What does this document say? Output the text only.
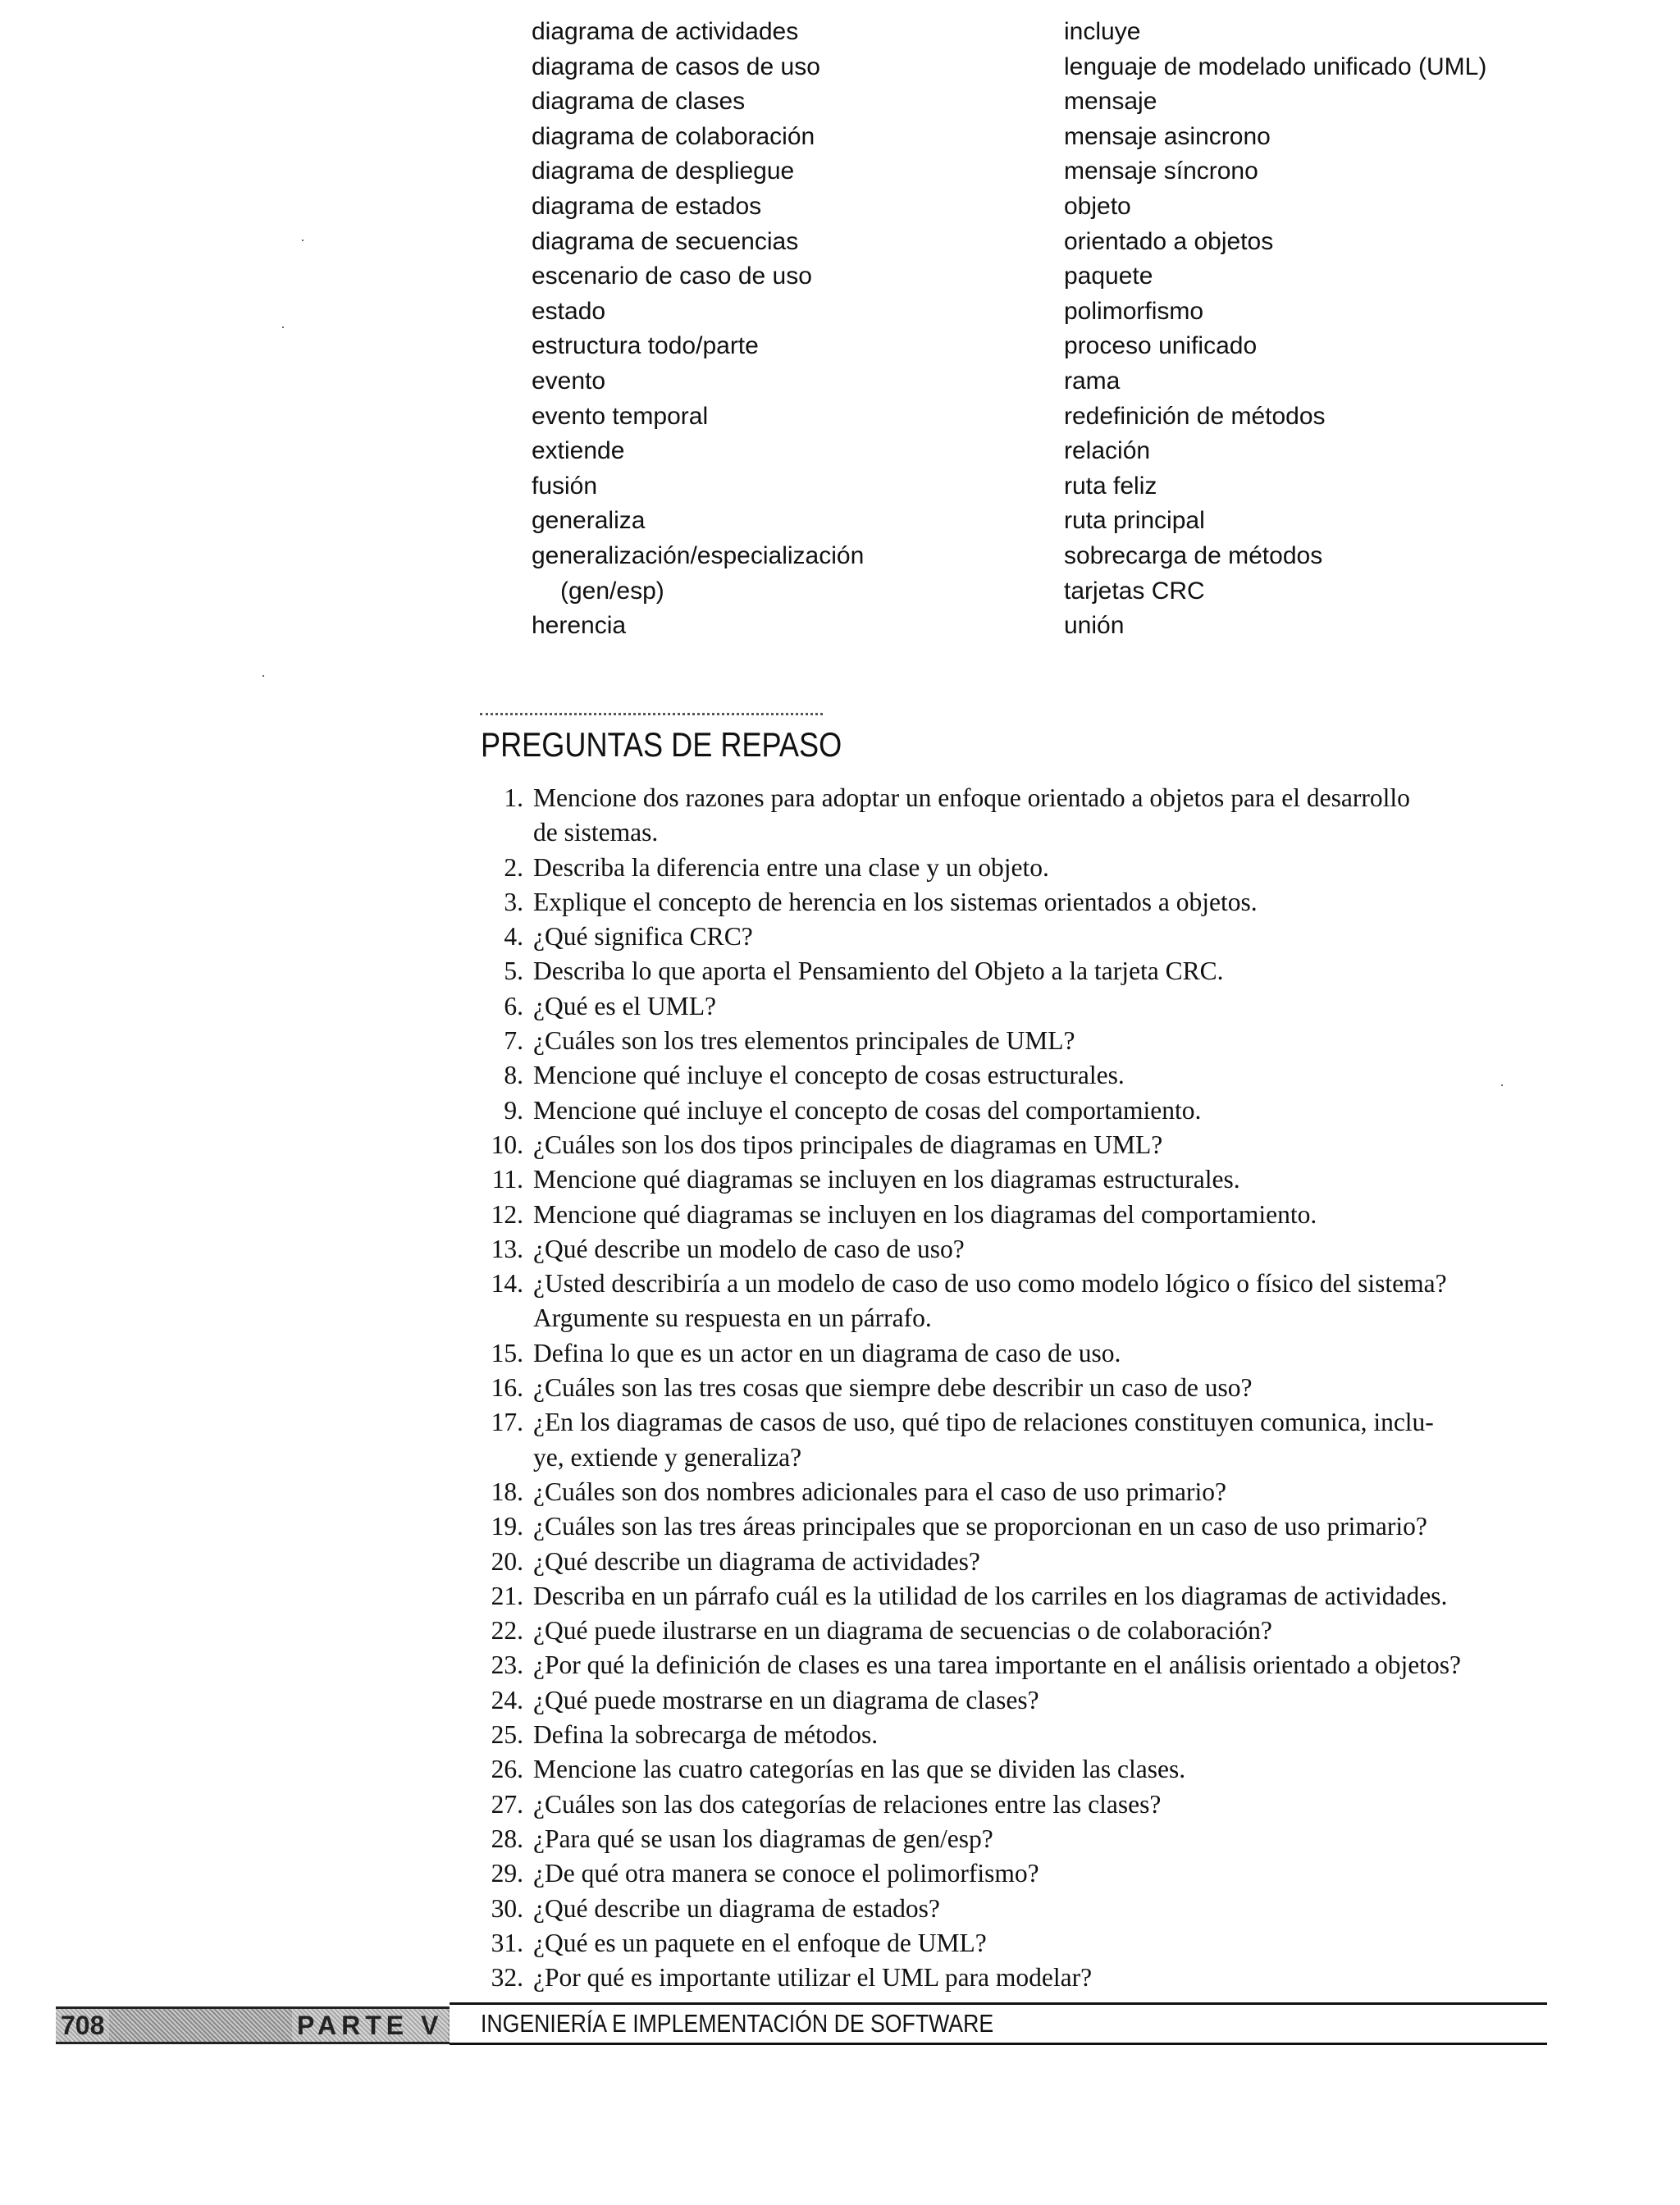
diagrama de actividades
diagrama de casos de uso
diagrama de clases
diagrama de colaboración
diagrama de despliegue
diagrama de estados
diagrama de secuencias
escenario de caso de uso
estado
estructura todo/parte
evento
evento temporal
extiende
fusión
generaliza
generalización/especialización
(gen/esp)
herencia
incluye
lenguaje de modelado unificado (UML)
mensaje
mensaje asincrono
mensaje síncrono
objeto
orientado a objetos
paquete
polimorfismo
proceso unificado
rama
redefinición de métodos
relación
ruta feliz
ruta principal
sobrecarga de métodos
tarjetas CRC
unión
PREGUNTAS DE REPASO
1. Mencione dos razones para adoptar un enfoque orientado a objetos para el desarrollo
de sistemas.
2. Describa la diferencia entre una clase y un objeto.
3. Explique el concepto de herencia en los sistemas orientados a objetos.
4. ¿Qué significa CRC?
5. Describa lo que aporta el Pensamiento del Objeto a la tarjeta CRC.
6. ¿Qué es el UML?
7. ¿Cuáles son los tres elementos principales de UML?
8. Mencione qué incluye el concepto de cosas estructurales.
9. Mencione qué incluye el concepto de cosas del comportamiento.
10. ¿Cuáles son los dos tipos principales de diagramas en UML?
11. Mencione qué diagramas se incluyen en los diagramas estructurales.
12. Mencione qué diagramas se incluyen en los diagramas del comportamiento.
13. ¿Qué describe un modelo de caso de uso?
14. ¿Usted describiría a un modelo de caso de uso como modelo lógico o físico del sistema?
Argumente su respuesta en un párrafo.
15. Defina lo que es un actor en un diagrama de caso de uso.
16. ¿Cuáles son las tres cosas que siempre debe describir un caso de uso?
17. ¿En los diagramas de casos de uso, qué tipo de relaciones constituyen comunica, inclu-
ye, extiende y generaliza?
18. ¿Cuáles son dos nombres adicionales para el caso de uso primario?
19. ¿Cuáles son las tres áreas principales que se proporcionan en un caso de uso primario?
20. ¿Qué describe un diagrama de actividades?
21. Describa en un párrafo cuál es la utilidad de los carriles en los diagramas de actividades.
22. ¿Qué puede ilustrarse en un diagrama de secuencias o de colaboración?
23. ¿Por qué la definición de clases es una tarea importante en el análisis orientado a objetos?
24. ¿Qué puede mostrarse en un diagrama de clases?
25. Defina la sobrecarga de métodos.
26. Mencione las cuatro categorías en las que se dividen las clases.
27. ¿Cuáles son las dos categorías de relaciones entre las clases?
28. ¿Para qué se usan los diagramas de gen/esp?
29. ¿De qué otra manera se conoce el polimorfismo?
30. ¿Qué describe un diagrama de estados?
31. ¿Qué es un paquete en el enfoque de UML?
32. ¿Por qué es importante utilizar el UML para modelar?
708	PARTE V INGENIERÍA E IMPLEMENTACIÓN DE SOFTWARE
